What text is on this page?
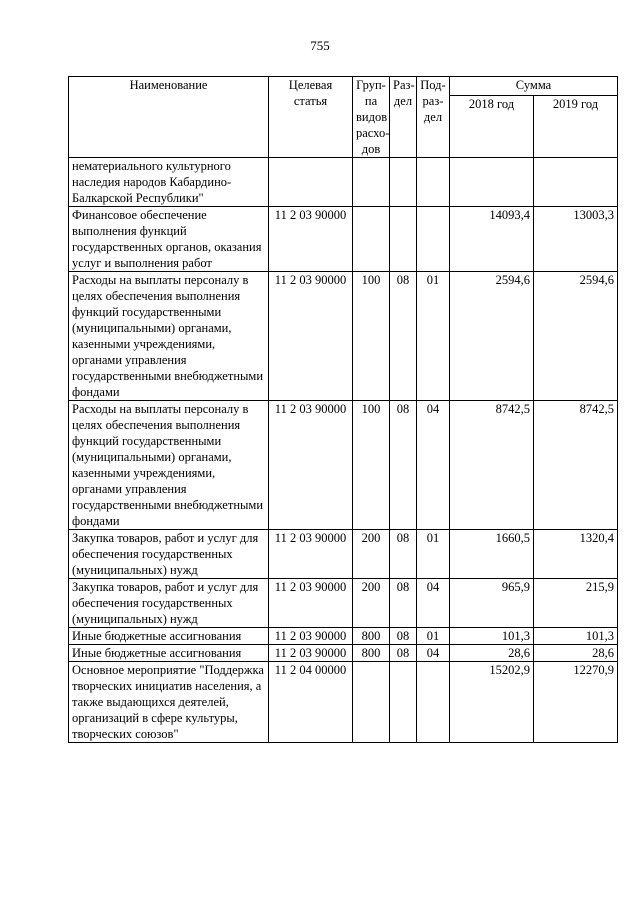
755
Наименование	Целевая статья	Груп-па видов расхо-дов	Раз-дел	Под-раз-дел	Сумма	
					2018 год	2019 год
нематериального культурного наследия народов Кабардино-Балкарской Республики"						
Финансовое обеспечение выполнения функций государственных органов, оказания услуг и выполнения работ	11 2 03 90000				14093,4	13003,3
Расходы на выплаты персоналу в целях обеспечения выполнения функций государственными (муниципальными) органами, казенными учреждениями, органами управления государственными внебюджетными фондами	11 2 03 90000	100	08	01	2594,6	2594,6
Расходы на выплаты персоналу в целях обеспечения выполнения функций государственными (муниципальными) органами, казенными учреждениями, органами управления государственными внебюджетными фондами	11 2 03 90000	100	08	04	8742,5	8742,5
Закупка товаров, работ и услуг для обеспечения государственных (муниципальных) нужд	11 2 03 90000	200	08	01	1660,5	1320,4
Закупка товаров, работ и услуг для обеспечения государственных (муниципальных) нужд	11 2 03 90000	200	08	04	965,9	215,9
Иные бюджетные ассигнования	11 2 03 90000	800	08	01	101,3	101,3
Иные бюджетные ассигнования	11 2 03 90000	800	08	04	28,6	28,6
Основное мероприятие "Поддержка творческих инициатив населения, а также выдающихся деятелей, организаций в сфере культуры, творческих союзов"	11 2 04 00000				15202,9	12270,9
